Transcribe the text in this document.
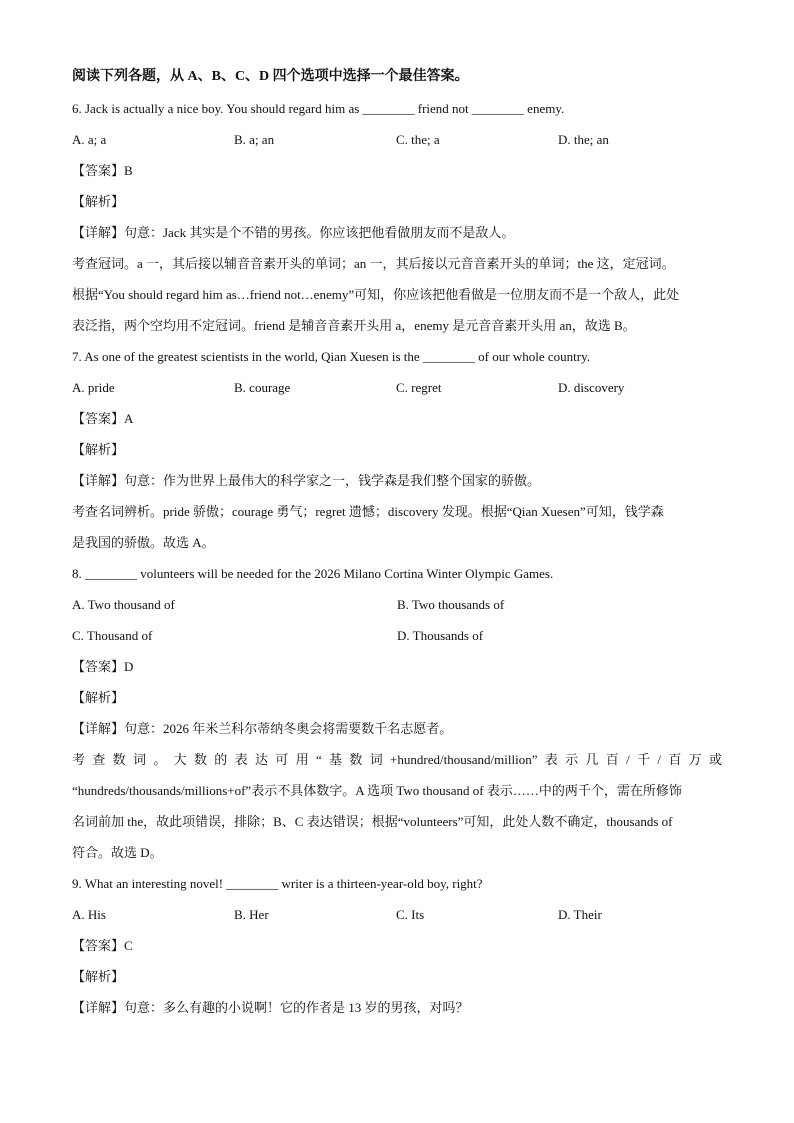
阅读下列各题，从 A、B、C、D 四个选项中选择一个最佳答案。
6. Jack is actually a nice boy. You should regard him as ________ friend not ________ enemy.
A. a; a	B. a; an	C. the; a	D. the; an
【答案】B
【解析】
【详解】句意：Jack 其实是个不错的男孩。你应该把他看做朋友而不是敌人。
考查冠词。a 一，其后接以辅音音素开头的单词；an 一，其后接以元音音素开头的单词；the 这，定冠词。
根据“You should regard him as…friend not…enemy”可知，你应该把他看做是一位朋友而不是一个敌人，此处
表泛指，两个空均用不定冠词。friend 是辅音音素开头用 a，enemy 是元音音素开头用 an，故选 B。
7. As one of the greatest scientists in the world, Qian Xuesen is the ________ of our whole country.
A. pride	B. courage	C. regret	D. discovery
【答案】A
【解析】
【详解】句意：作为世界上最伟大的科学家之一，钱学森是我们整个国家的骄傲。
考查名词辨析。pride 骄傲；courage 勇气；regret 遗憾；discovery 发现。根据“Qian Xuesen”可知，钱学森
是我国的骄傲。故选 A。
8. ________ volunteers will be needed for the 2026 Milano Cortina Winter Olympic Games.
A. Two thousand of	B. Two thousands of
C. Thousand of	D. Thousands of
【答案】D
【解析】
【详解】句意：2026 年米兰科尔蒂纳冬奥会将需要数千名志愿者。
考查数词。大数的表达可用“基数词+hundred/thousand/million”表示几百/千/百万或
“hundreds/thousands/millions+of”表示不具体数字。A 选项 Two thousand of 表示……中的两千个，需在所修饰
名词前加 the，故此项错误，排除；B、C 表达错误；根据“volunteers”可知，此处人数不确定，thousands of
符合。故选 D。
9. What an interesting novel! ________ writer is a thirteen-year-old boy, right?
A. His	B. Her	C. Its	D. Their
【答案】C
【解析】
【详解】句意：多么有趣的小说啊！它的作者是 13 岁的男孩，对吗？
